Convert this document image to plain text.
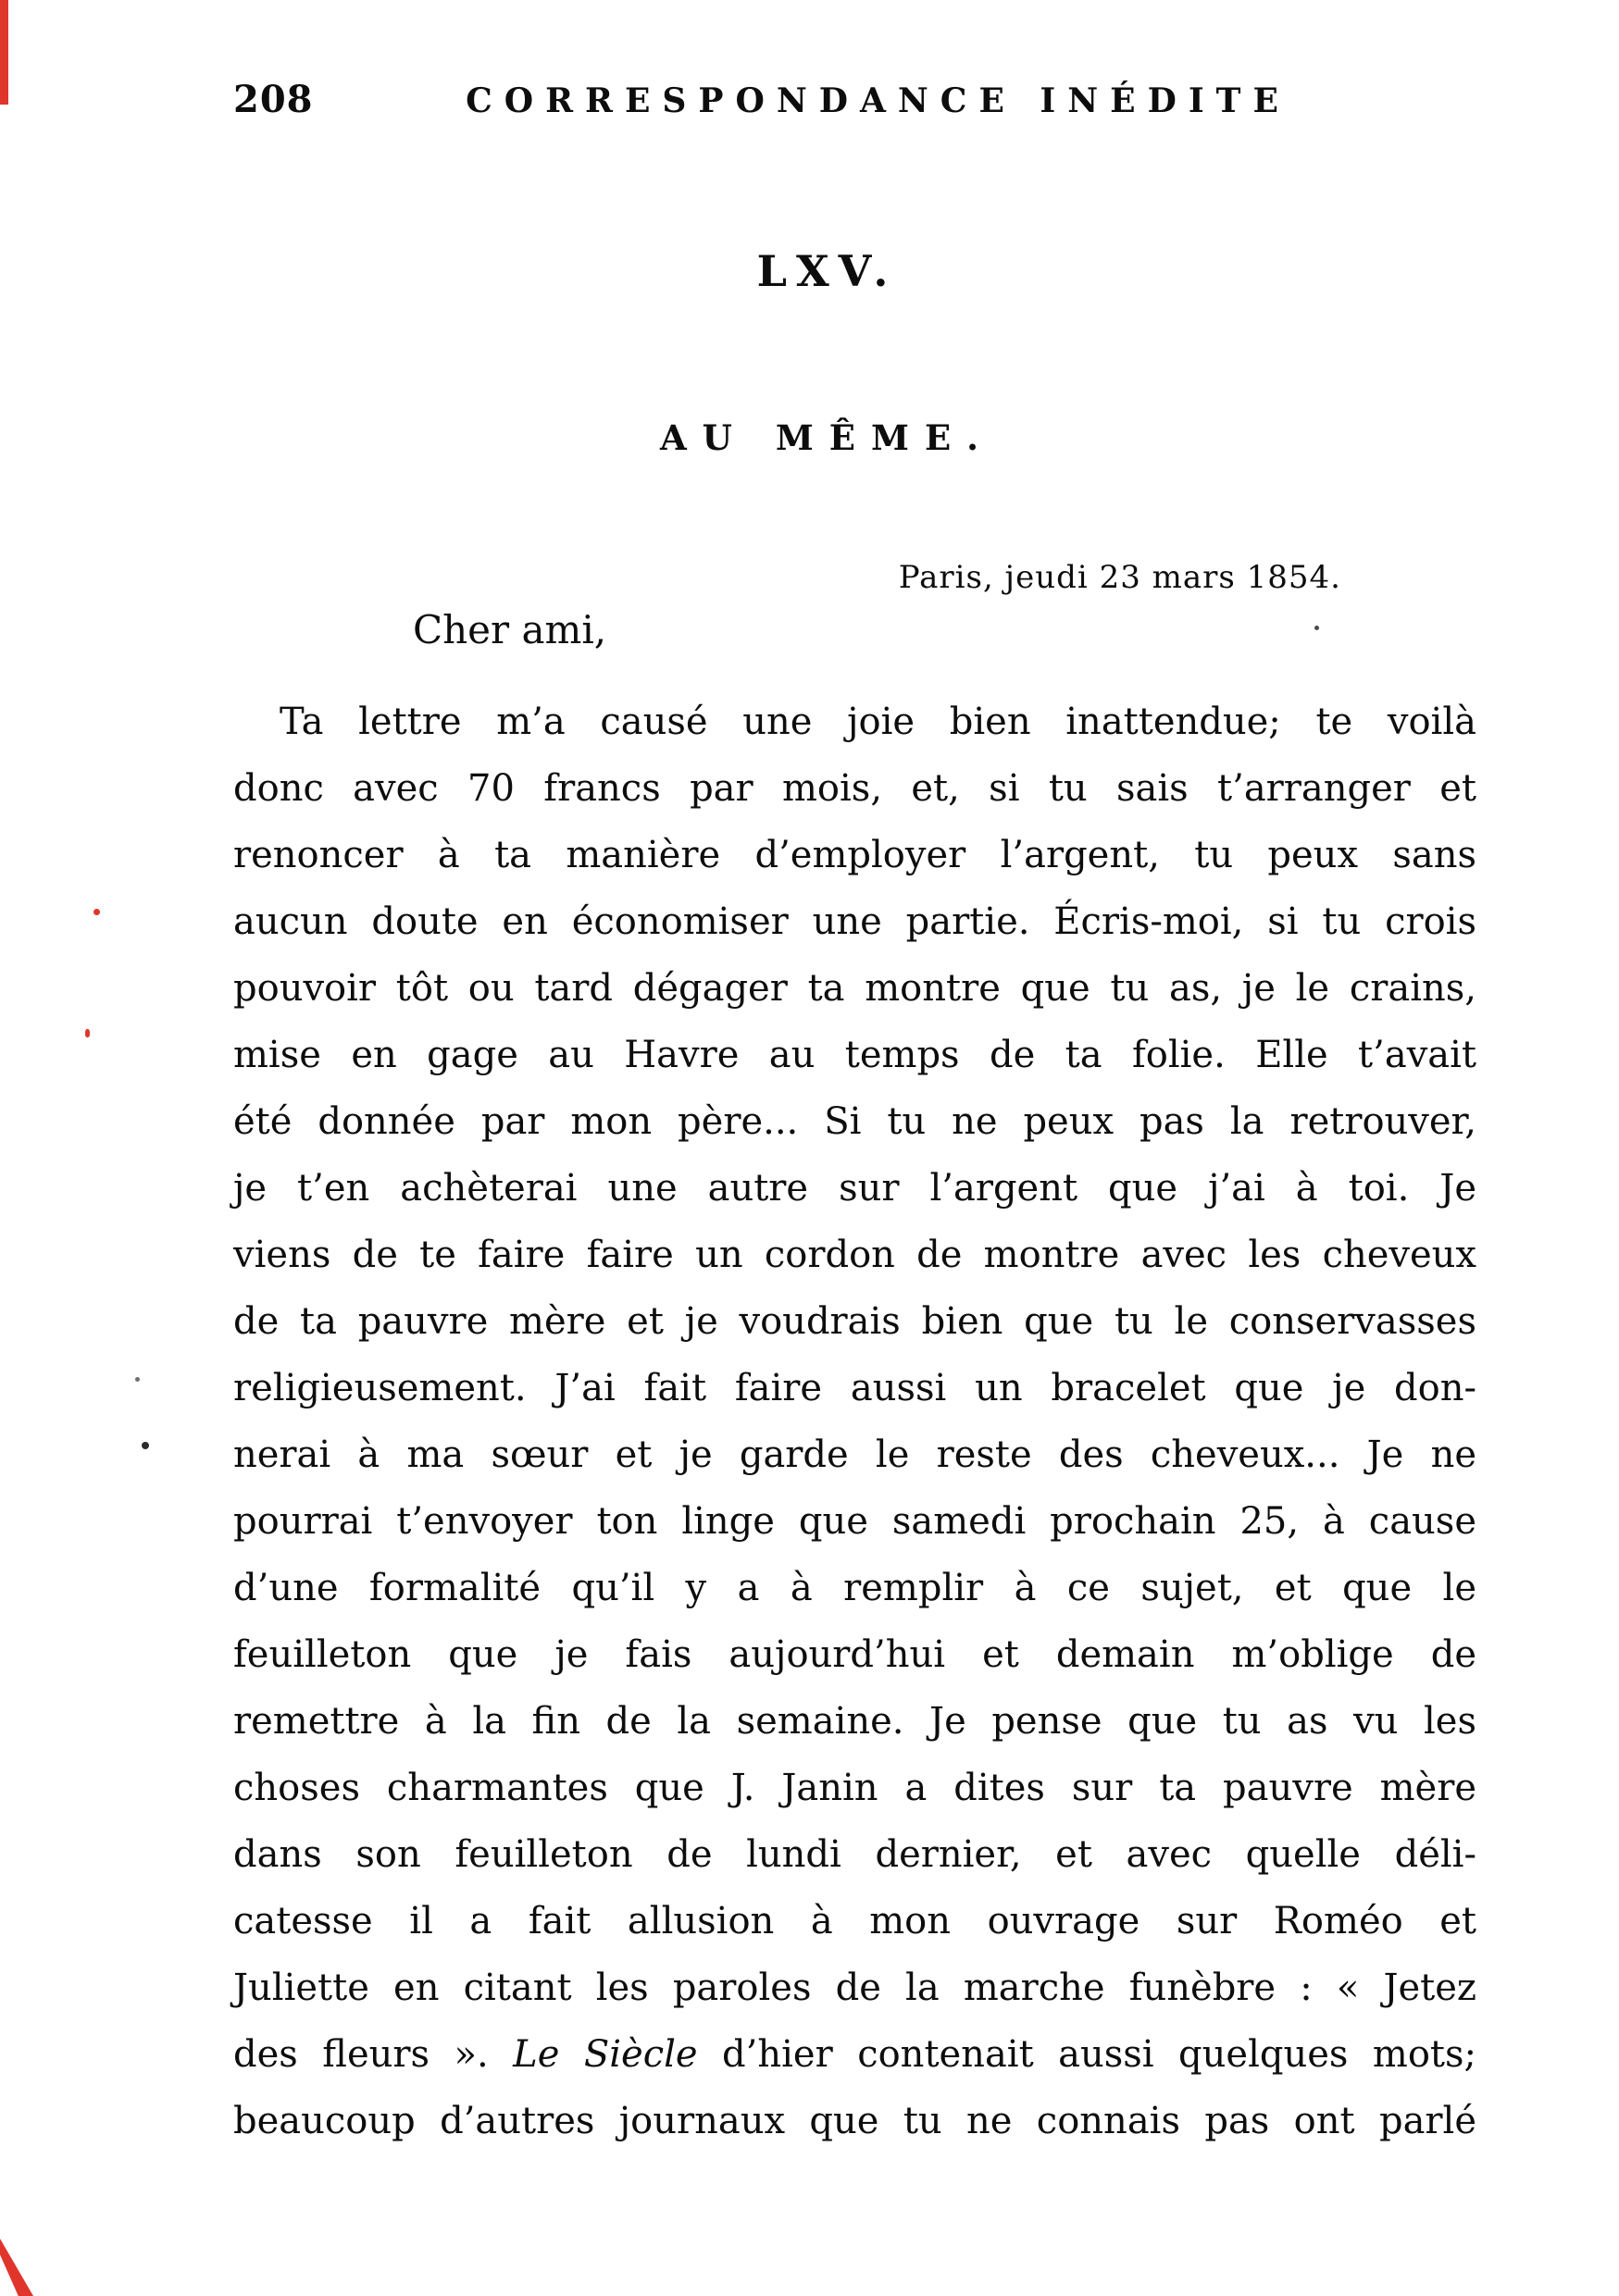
208	CORRESPONDANCE INÉDITE
LXV.
AU MÊME.
Paris, jeudi 23 mars 1854.
Cher ami,
Ta lettre m’a causé une joie bien inattendue; te voilà
donc avec 70 francs par mois, et, si tu sais t’arranger et
renoncer à ta manière d’employer l’argent, tu peux sans
aucun doute en économiser une partie. Écris-moi, si tu crois
pouvoir tôt ou tard dégager ta montre que tu as, je le crains,
mise en gage au Havre au temps de ta folie. Elle t’avait
été donnée par mon père... Si tu ne peux pas la retrouver,
je t’en achèterai une autre sur l’argent que j’ai à toi. Je
viens de te faire faire un cordon de montre avec les cheveux
de ta pauvre mère et je voudrais bien que tu le conservasses
religieusement. J’ai fait faire aussi un bracelet que je don-
nerai à ma sœur et je garde le reste des cheveux... Je ne
pourrai t’envoyer ton linge que samedi prochain 25, à cause
d’une formalité qu’il y a à remplir à ce sujet, et que le
feuilleton que je fais aujourd’hui et demain m’oblige de
remettre à la fin de la semaine. Je pense que tu as vu les
choses charmantes que J. Janin a dites sur ta pauvre mère
dans son feuilleton de lundi dernier, et avec quelle déli-
catesse il a fait allusion à mon ouvrage sur Roméo et
Juliette en citant les paroles de la marche funèbre : « Jetez
des fleurs ». Le Siècle d’hier contenait aussi quelques mots;
beaucoup d’autres journaux que tu ne connais pas ont parlé
